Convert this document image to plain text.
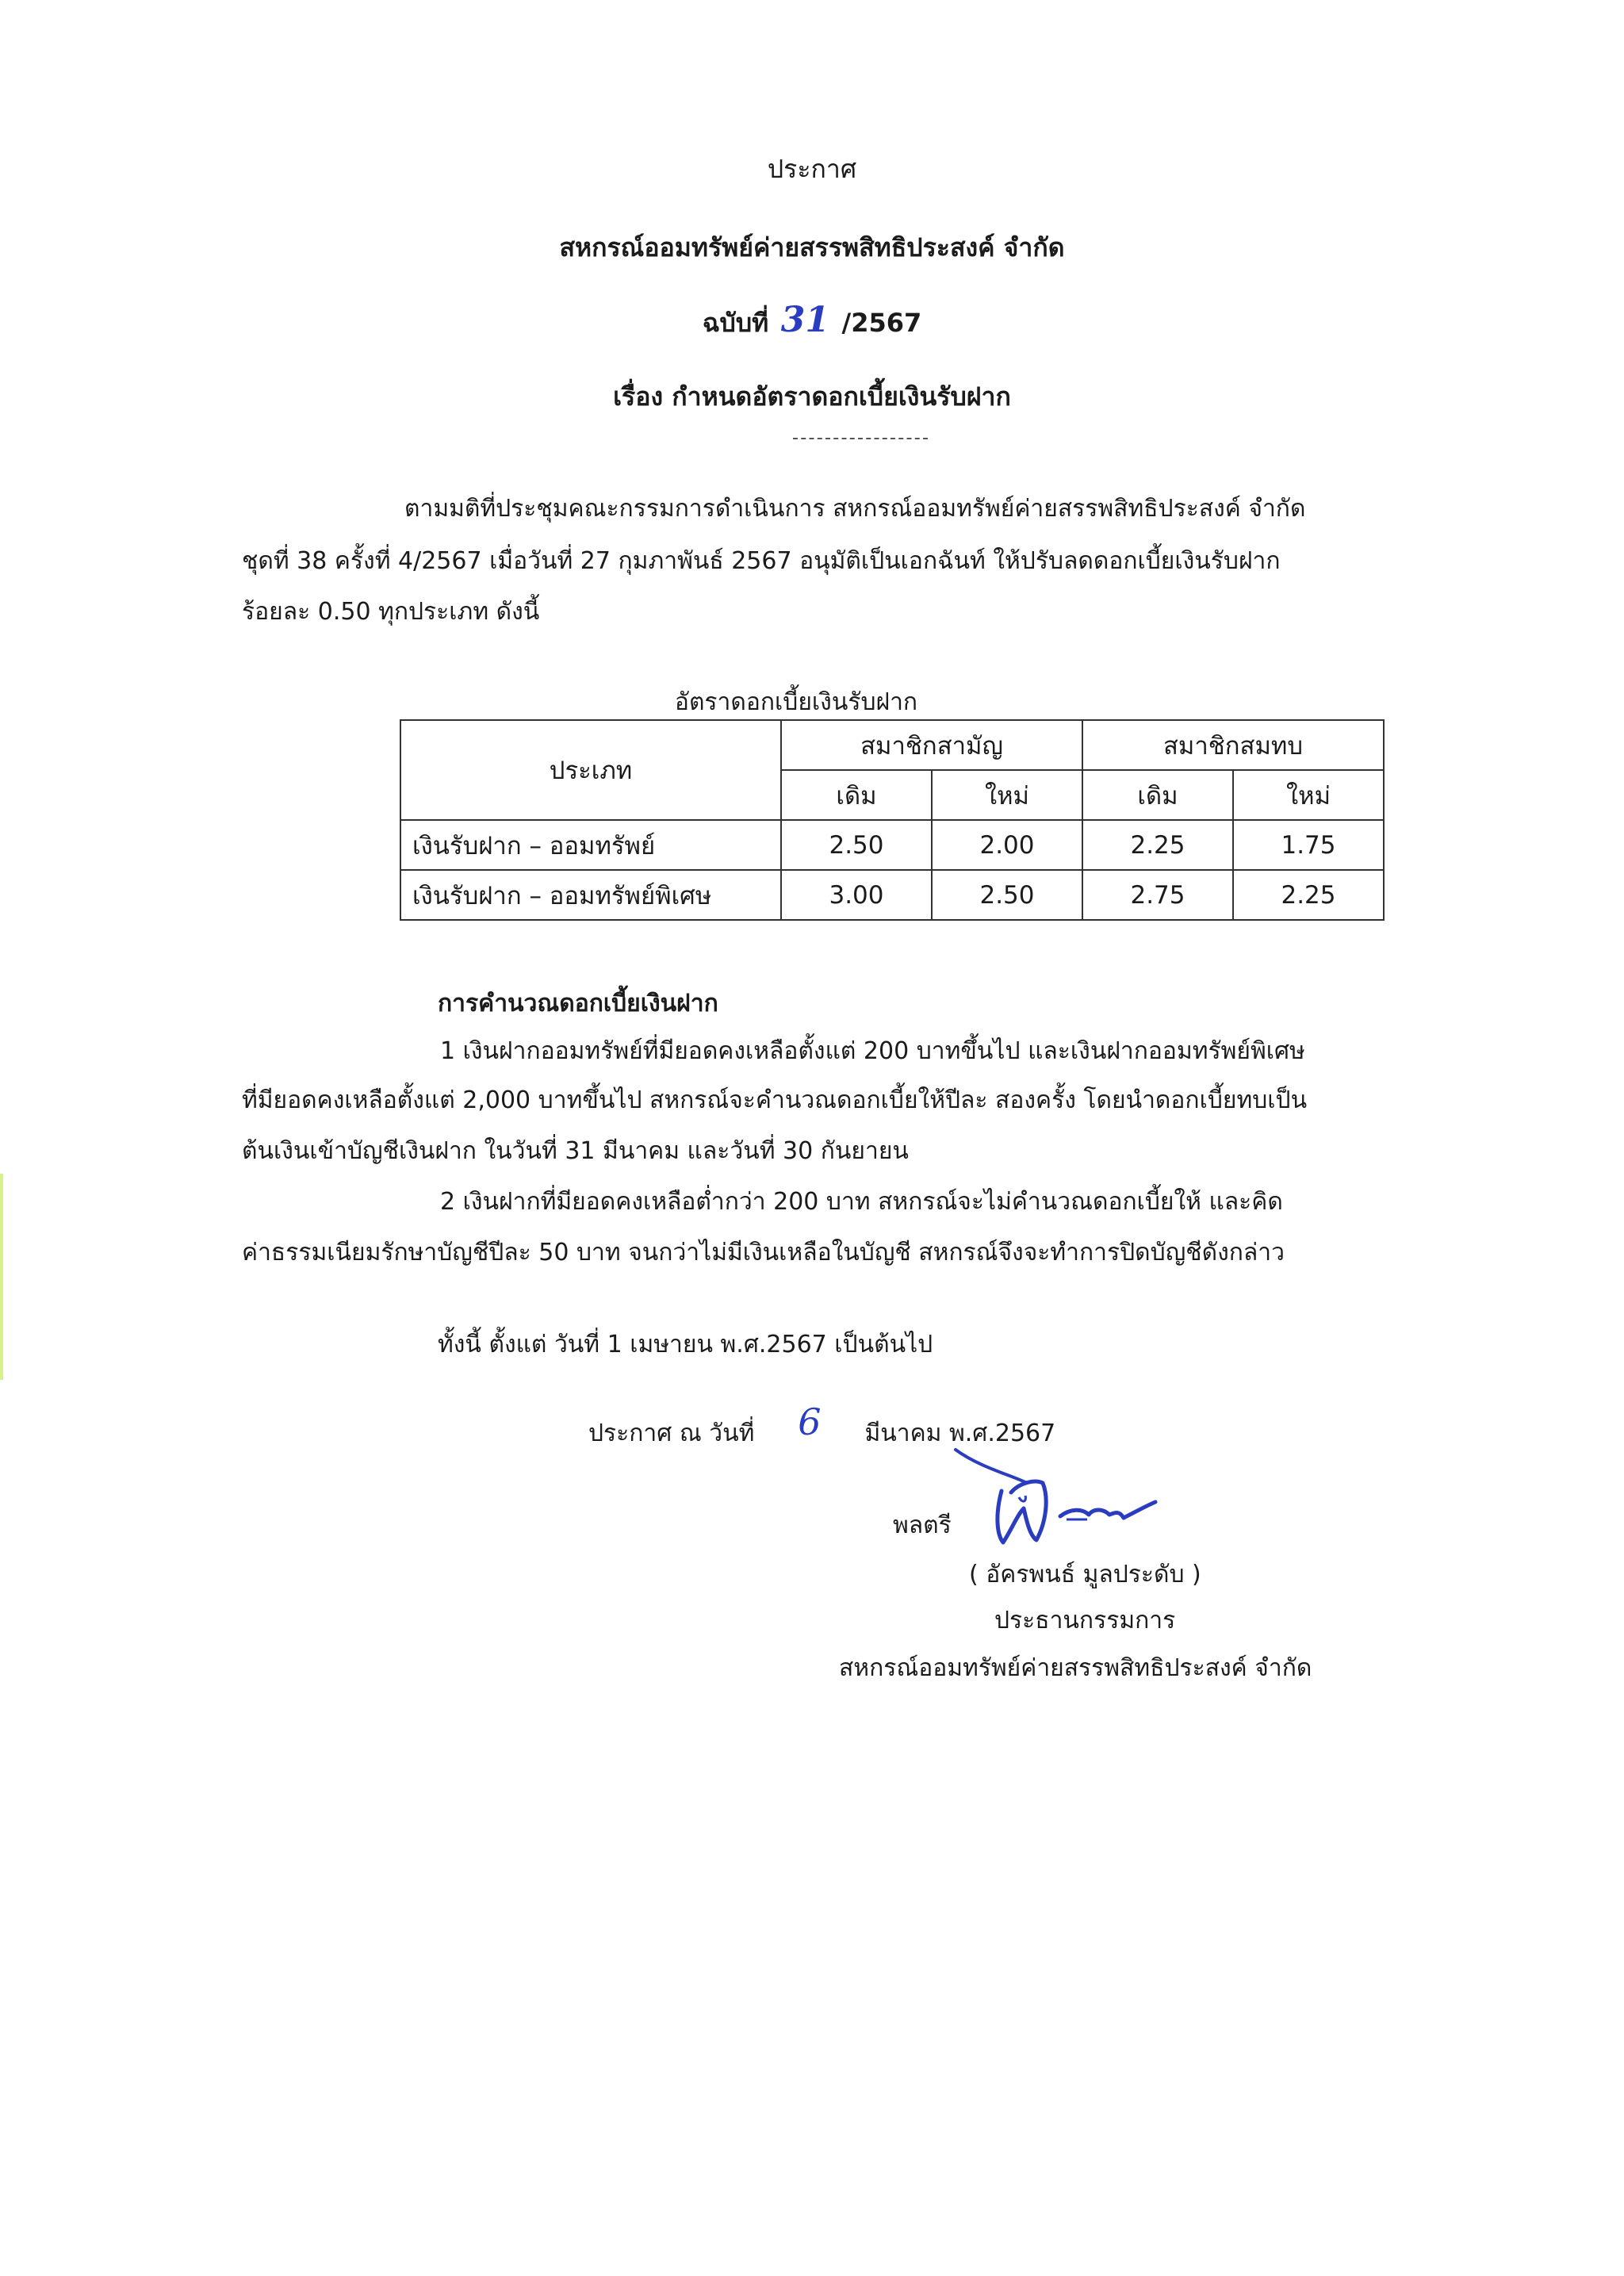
ประกาศ
สหกรณ์ออมทรัพย์ค่ายสรรพสิทธิประสงค์ จำกัด
ฉบับที่ 31 /2567
เรื่อง กำหนดอัตราดอกเบี้ยเงินรับฝาก
ตามมติที่ประชุมคณะกรรมการดำเนินการ สหกรณ์ออมทรัพย์ค่ายสรรพสิทธิประสงค์ จำกัด
ชุดที่ 38 ครั้งที่ 4/2567 เมื่อวันที่ 27 กุมภาพันธ์ 2567 อนุมัติเป็นเอกฉันท์ ให้ปรับลดดอกเบี้ยเงินรับฝาก
ร้อยละ 0.50 ทุกประเภท ดังนี้
อัตราดอกเบี้ยเงินรับฝาก
ประเภท	สมาชิกสามัญ		สมาชิกสมทบ	
	เดิม	ใหม่	เดิม	ใหม่
เงินรับฝาก – ออมทรัพย์	2.50	2.00	2.25	1.75
เงินรับฝาก – ออมทรัพย์พิเศษ	3.00	2.50	2.75	2.25
การคำนวณดอกเบี้ยเงินฝาก
1 เงินฝากออมทรัพย์ที่มียอดคงเหลือตั้งแต่ 200 บาทขึ้นไป และเงินฝากออมทรัพย์พิเศษ
ที่มียอดคงเหลือตั้งแต่ 2,000 บาทขึ้นไป สหกรณ์จะคำนวณดอกเบี้ยให้ปีละ สองครั้ง โดยนำดอกเบี้ยทบเป็น
ต้นเงินเข้าบัญชีเงินฝาก ในวันที่ 31 มีนาคม และวันที่ 30 กันยายน
2 เงินฝากที่มียอดคงเหลือต่ำกว่า 200 บาท สหกรณ์จะไม่คำนวณดอกเบี้ยให้ และคิด
ค่าธรรมเนียมรักษาบัญชีปีละ 50 บาท จนกว่าไม่มีเงินเหลือในบัญชี สหกรณ์จึงจะทำการปิดบัญชีดังกล่าว
ทั้งนี้ ตั้งแต่ วันที่ 1 เมษายน พ.ศ.2567 เป็นต้นไป
ประกาศ ณ วันที่ 6 มีนาคม พ.ศ.2567
พลตรี
( อัครพนธ์ มูลประดับ )
ประธานกรรมการ
สหกรณ์ออมทรัพย์ค่ายสรรพสิทธิประสงค์ จำกัด
